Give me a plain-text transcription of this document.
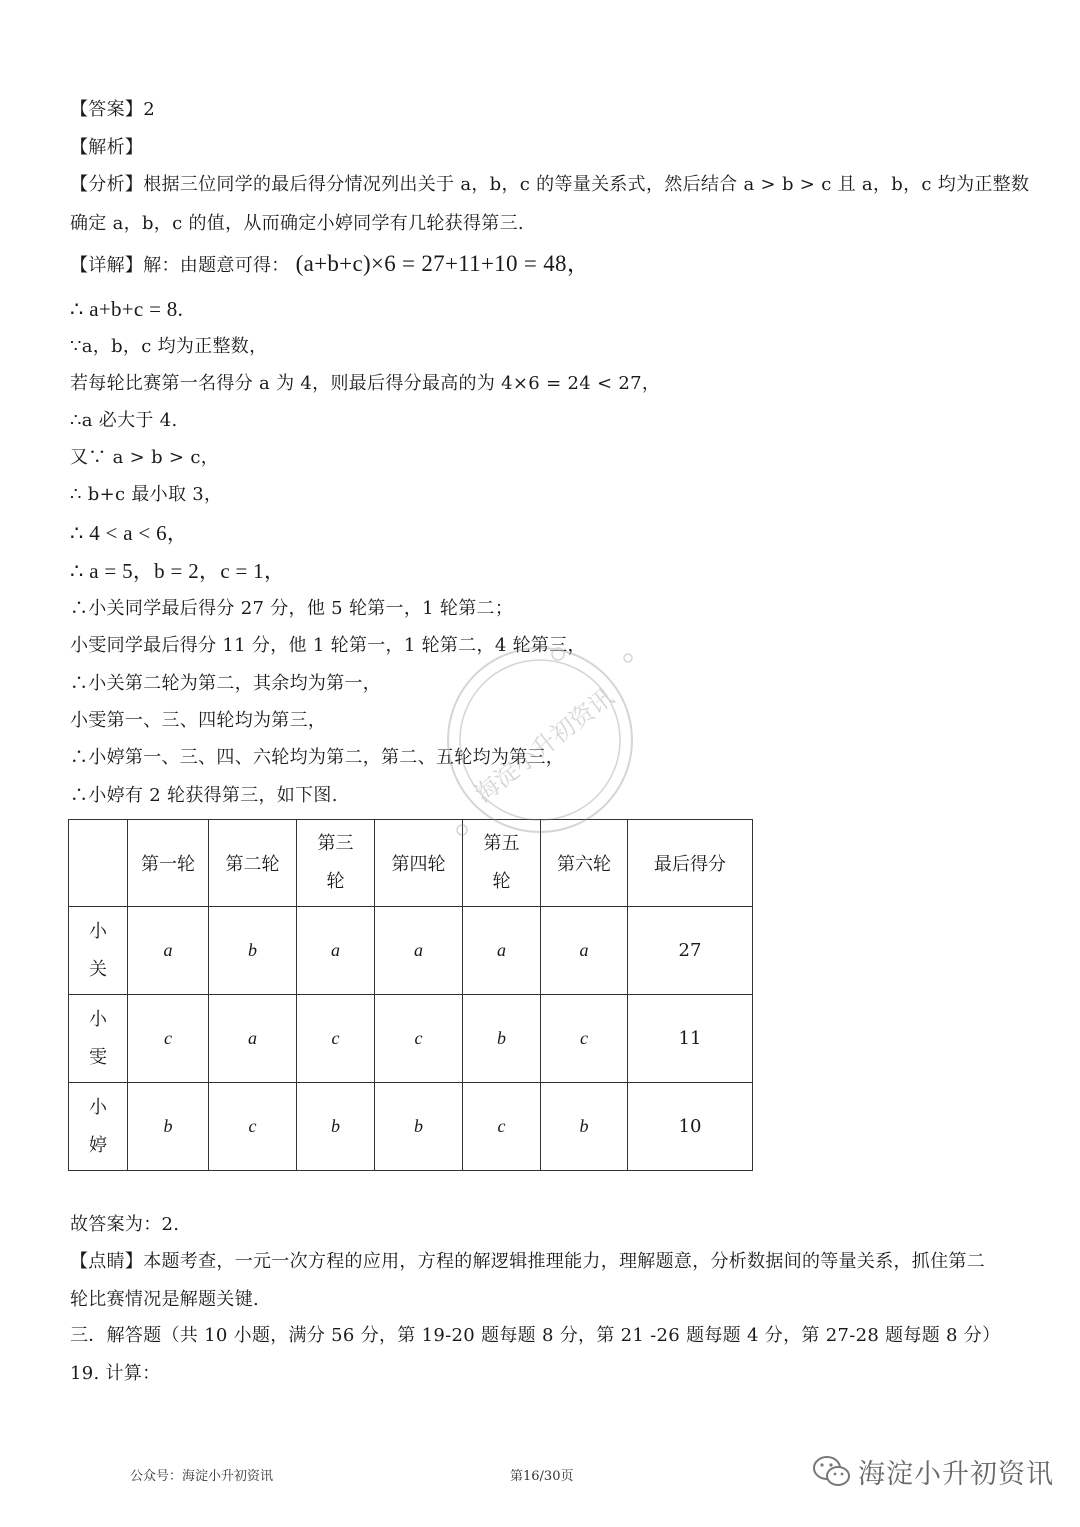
【答案】2
【解析】
【分析】根据三位同学的最后得分情况列出关于 a，b，c 的等量关系式，然后结合 a > b > c 且 a，b，c 均为正整数
确定 a，b，c 的值，从而确定小婷同学有几轮获得第三.
【详解】解：由题意可得： (a+b+c)×6 = 27+11+10 = 48，
∴ a+b+c = 8.
∵a，b，c 均为正整数，
若每轮比赛第一名得分 a 为 4，则最后得分最高的为 4×6 = 24 < 27，
∴a 必大于 4.
又∵ a > b > c，
∴ b+c 最小取 3，
∴ 4 < a < 6，
∴ a = 5，b = 2，c = 1，
∴小关同学最后得分 27 分，他 5 轮第一，1 轮第二；
小雯同学最后得分 11 分，他 1 轮第一，1 轮第二，4 轮第三，
∴小关第二轮为第二，其余均为第一，
小雯第一、三、四轮均为第三，
∴小婷第一、三、四、六轮均为第二，第二、五轮均为第三，
∴小婷有 2 轮获得第三，如下图.
	第一轮	第二轮	第三轮	第四轮	第五轮	第六轮	最后得分

小关	a	b	a	a	a	a	27

小雯	c	a	c	c	b	c	11

小婷	b	c	b	b	c	b	10
海淀小升初资讯
故答案为：2.
【点睛】本题考查，一元一次方程的应用，方程的解逻辑推理能力，理解题意，分析数据间的等量关系，抓住第二
轮比赛情况是解题关键.
三．解答题（共 10 小题，满分 56 分，第 19-20 题每题 8 分，第 21 -26 题每题 4 分，第 27-28 题每题 8 分）
19. 计算：
公众号：海淀小升初资讯	第16/30页	海淀小升初资讯
